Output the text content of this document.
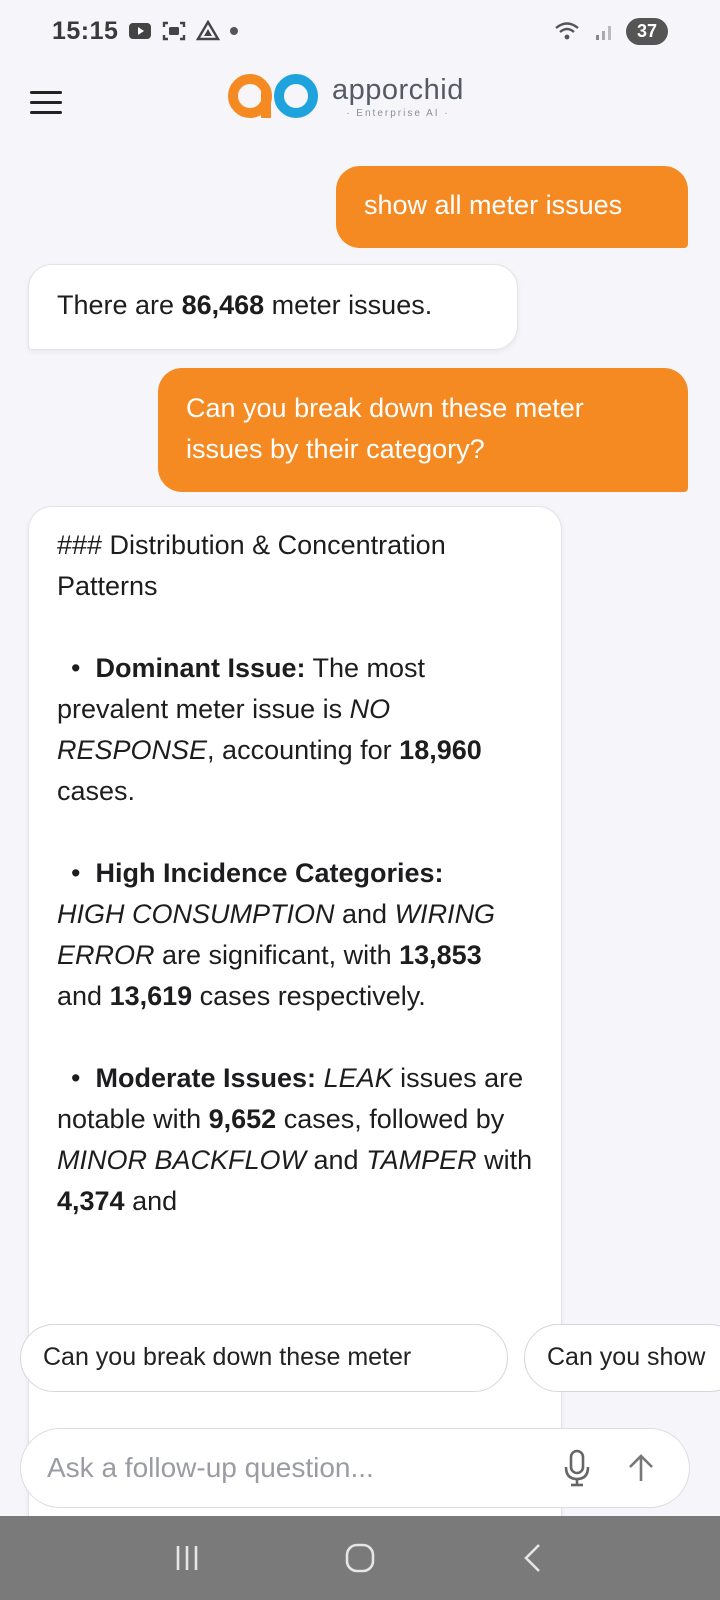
15:15	37
apporchid
· Enterprise AI ·
show all meter issues
There are 86,468 meter issues.
Can you break down these meter issues by their category?
### Distribution & Concentration Patterns
• Dominant Issue: The most prevalent meter issue is NO RESPONSE, accounting for 18,960 cases.
• High Incidence Categories:
HIGH CONSUMPTION and WIRING ERROR are significant, with 13,853 and 13,619 cases respectively.
• Moderate Issues: LEAK issues are notable with 9,652 cases, followed by MINOR BACKFLOW and TAMPER with 4,374 and
Can you break down these meter	Can you show
Ask a follow-up question...
